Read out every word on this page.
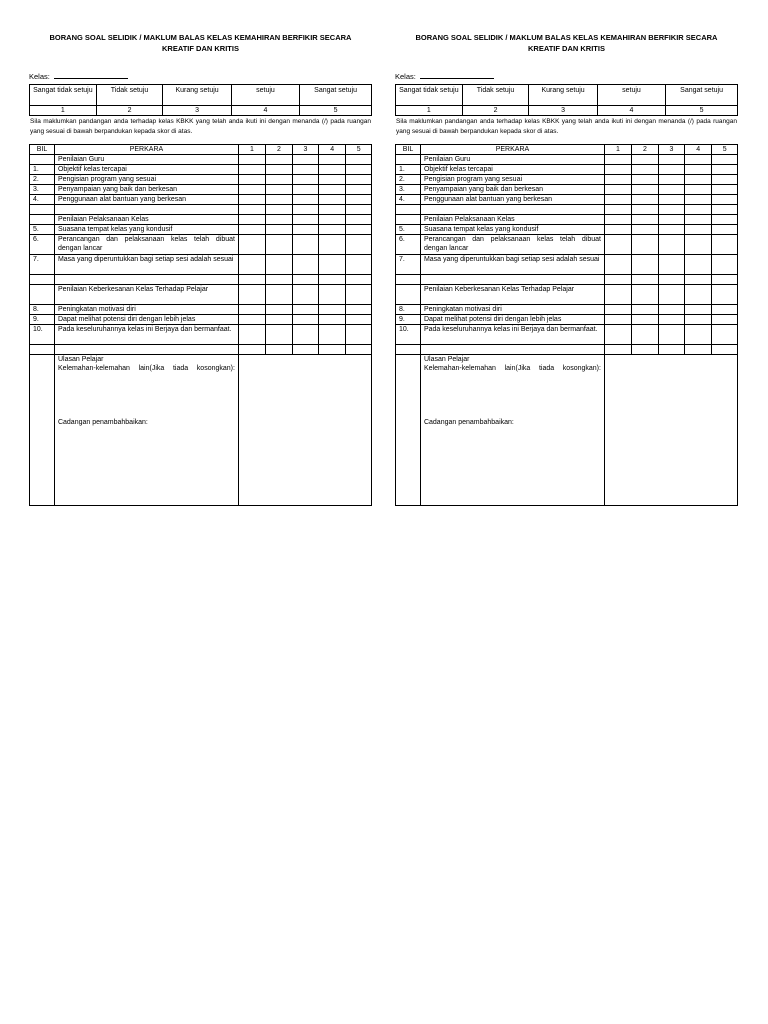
BORANG SOAL SELIDIK / MAKLUM BALAS KELAS KEMAHIRAN BERFIKIR SECARA KREATIF DAN KRITIS
Kelas:
Sangat tidak setuju	Tidak setuju	Kurang setuju	setuju	Sangat setuju
1	2	3	4	5
Sila maklumkan pandangan anda terhadap kelas KBKK yang telah anda ikuti ini dengan menanda (/) pada ruangan yang sesuai di bawah berpandukan kepada skor di atas.
BIL	PERKARA	1	2	3	4	5
	Penilaian Guru					
1.	Objektif kelas tercapai					
2.	Pengisian program yang sesuai					
3.	Penyampaian yang baik dan berkesan					
4.	Penggunaan alat bantuan yang berkesan					

	Penilaian Pelaksanaan Kelas					
5.	Suasana tempat kelas yang kondusif					
6.	Perancangan dan pelaksanaan kelas telah dibuat dengan lancar					
7.	Masa yang diperuntukkan bagi setiap sesi adalah sesuai					

	Penilaian Keberkesanan Kelas Terhadap Pelajar					
8.	Peningkatan motivasi diri					
9.	Dapat melihat potensi diri dengan lebih jelas					
10.	Pada keseluruhannya kelas ini Berjaya dan bermanfaat.					

	Ulasan Pelajar
Kelemahan-kelemahan lain(Jika tiada kosongkan):
Cadangan penambahbaikan:					

BORANG SOAL SELIDIK / MAKLUM BALAS KELAS KEMAHIRAN BERFIKIR SECARA KREATIF DAN KRITIS
Kelas:
Sangat tidak setuju	Tidak setuju	Kurang setuju	setuju	Sangat setuju
1	2	3	4	5
Sila maklumkan pandangan anda terhadap kelas KBKK yang telah anda ikuti ini dengan menanda (/) pada ruangan yang sesuai di bawah berpandukan kepada skor di atas.
BIL	PERKARA	1	2	3	4	5
	Penilaian Guru					
1.	Objektif kelas tercapai					
2.	Pengisian program yang sesuai					
3.	Penyampaian yang baik dan berkesan					
4.	Penggunaan alat bantuan yang berkesan					

	Penilaian Pelaksanaan Kelas					
5.	Suasana tempat kelas yang kondusif					
6.	Perancangan dan pelaksanaan kelas telah dibuat dengan lancar					
7.	Masa yang diperuntukkan bagi setiap sesi adalah sesuai					

	Penilaian Keberkesanan Kelas Terhadap Pelajar					
8.	Peningkatan motivasi diri					
9.	Dapat melihat potensi diri dengan lebih jelas					
10.	Pada keseluruhannya kelas ini Berjaya dan bermanfaat.					

	Ulasan Pelajar
Kelemahan-kelemahan lain(Jika tiada kosongkan):
Cadangan penambahbaikan:					
